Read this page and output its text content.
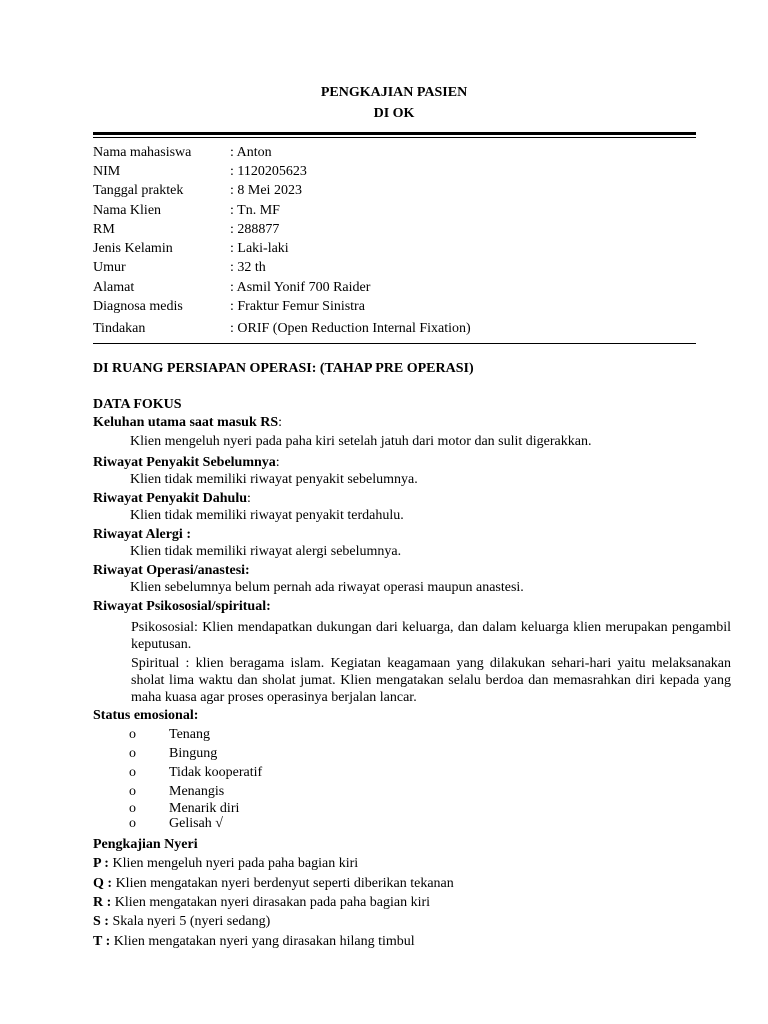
PENGKAJIAN PASIEN
DI OK
Nama mahasiswa	: Anton
NIM	: 1120205623
Tanggal praktek	: 8 Mei 2023
Nama Klien	: Tn. MF
RM	: 288877
Jenis Kelamin	: Laki-laki
Umur	: 32 th
Alamat	: Asmil Yonif 700 Raider
Diagnosa medis	: Fraktur Femur Sinistra
Tindakan	: ORIF (Open Reduction Internal Fixation)
DI RUANG PERSIAPAN OPERASI: (TAHAP PRE OPERASI)
DATA FOKUS
Keluhan utama saat masuk RS:
Klien mengeluh nyeri pada paha kiri setelah jatuh dari motor dan sulit digerakkan.
Riwayat Penyakit Sebelumnya:
Klien tidak memiliki riwayat penyakit sebelumnya.
Riwayat Penyakit Dahulu:
Klien tidak memiliki riwayat penyakit terdahulu.
Riwayat Alergi :
Klien tidak memiliki riwayat alergi sebelumnya.
Riwayat Operasi/anastesi:
Klien sebelumnya belum pernah ada riwayat operasi maupun anastesi.
Riwayat Psikososial/spiritual:
Psikososial: Klien mendapatkan dukungan dari keluarga, dan dalam keluarga klien merupakan pengambil keputusan.
Spiritual : klien beragama islam. Kegiatan keagamaan yang dilakukan sehari-hari yaitu melaksanakan sholat lima waktu dan sholat jumat. Klien mengatakan selalu berdoa dan memasrahkan diri kepada yang maha kuasa agar proses operasinya berjalan lancar.
Status emosional:
o Tenang
o Bingung
o Tidak kooperatif
o Menangis
o Menarik diri
o Gelisah √
Pengkajian Nyeri
P : Klien mengeluh nyeri pada paha bagian kiri
Q : Klien mengatakan nyeri berdenyut seperti diberikan tekanan
R : Klien mengatakan nyeri dirasakan pada paha bagian kiri
S : Skala nyeri 5 (nyeri sedang)
T : Klien mengatakan nyeri yang dirasakan hilang timbul
